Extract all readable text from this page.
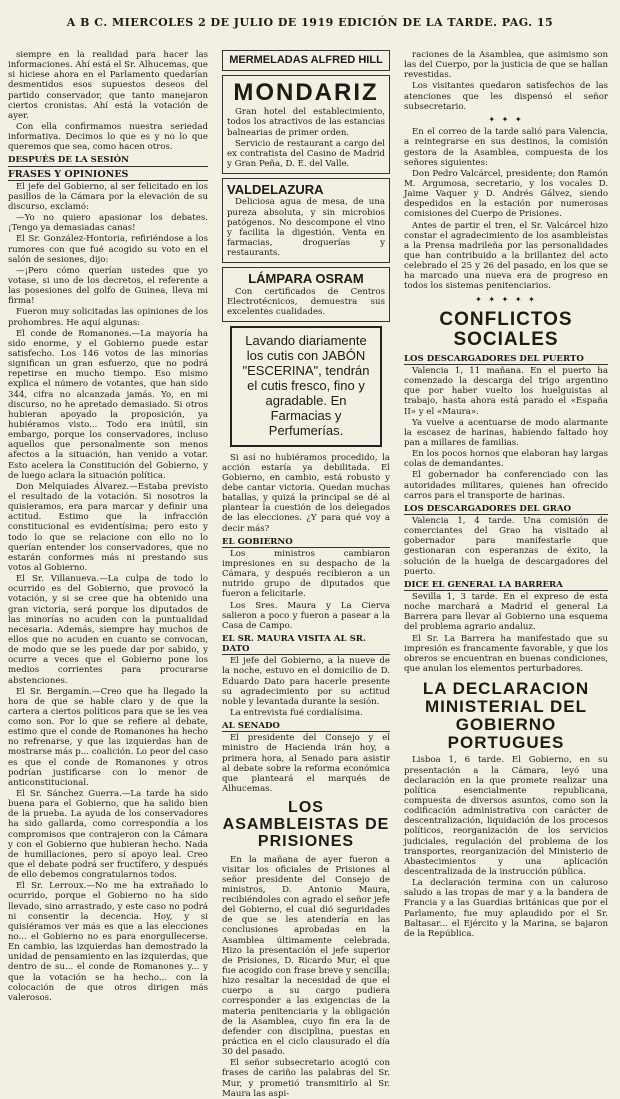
A B C. MIERCOLES 2 DE JULIO DE 1919 EDICIÓN DE LA TARDE. PAG. 15

siempre en la realidad para hacer las informaciones. Ahí está el Sr. Alhucemas, que si hiciese ahora en el Parlamento quedarían desmentidos esos supuestos deseos del partido conservador, que tanto manejaron ciertos cronistas. Ahí está la votación de ayer.

Con ella confirmamos nuestra seriedad informativa. Decimos lo que es y no lo que queremos que sea, como hacen otros.

DESPUÉS DE LA SESIÓN
FRASES Y OPINIONES

El jefe del Gobierno, al ser felicitado en los pasillos de la Cámara por la elevación de su discurso, exclamó:

—Yo no quiero apasionar los debates. ¡Tengo ya demasiadas canas!

El Sr. González-Hontoria, refiriéndose a los rumores con que fué acogido su voto en el salón de sesiones, dijo:

—¡Pero cómo querían ustedes que yo votase, si uno de los decretos, el referente a las posesiones del golfo de Guinea, lleva mi firma!

Fueron muy solicitadas las opiniones de los prohombres. He aquí algunas:

El conde de Romanones.—La mayoría ha sido enorme, y el Gobierno puede estar satisfecho. Los 146 votos de las minorías significan un gran esfuerzo, que no podrá repetirse en mucho tiempo. Eso mismo explica el número de votantes, que han sido 344, cifra no alcanzada jamás. Yo, en mi discurso, no he apretado demasiado. Si otros hubieran apoyado la proposición, ya hubiéramos visto... Todo era inútil, sin embargo, porque los conservadores, incluso aquellos que personalmente son menos afectos a la situación, han venido a votar. Esto acelera la Constitución del Gobierno, y de luego aclara la situación política.

Don Melquiades Álvarez.—Estaba previsto el resultado de la votación. Si nosotros la quisieramos, era para marcar y definir una actitud. Estimo que la infracción constitucional es evidentísima; pero esto y todo lo que se relacione con ello no lo querían entender los conservadores, que no estarán conformes más ni prestando sus votos al Gobierno.

El Sr. Villanueva.—La culpa de todo lo ocurrido es del Gobierno, que provocó la votación, y si se cree que ha obtenido una gran victoria, será porque los diputados de las minorías no acuden con la puntualidad necesaria. Además, siempre hay muchos de ellos que no acuden en cuanto se convocan, de modo que se les puede dar por sabido, y ocurre a veces que el Gobierno pone los medios corrientes para procurarse abstenciones.

El Sr. Bergamín.—Creo que ha llegado la hora de que se hable claro y de que la cartera a ciertos políticos para que se les vea como son. Por lo que se refiere al debate, estimo que el conde de Romanones ha hecho no refrenarse, y que las izquierdas han de mostrarse más p... coalición. Lo peor del caso es que el conde de Romanones y otros podrían justificarse con lo menor de anticonstitucional.

El Sr. Sánchez Guerra.—La tarde ha sido buena para el Gobierno, que ha salido bien de la prueba. La ayuda de los conservadores ha sido gallarda, como correspondía a los compromisos que contrajeron con la Cámara y con el Gobierno que hubieran hecho. Nada de humillaciones, pero sí apoyo leal. Creo que el debate podrá ser fructífero, y después de ello debemos congratularnos todos.

El Sr. Lerroux.—No me ha extrañado lo ocurrido, porque el Gobierno no ha sido llevado, sino arrastrado, y este caso no podrá ni consentir la decencia. Hoy, y si quisiéramos ver más es que a las elecciones no... el Gobierno no es para enorgullecerse. En cambio, las izquierdas han demostrado la unidad de pensamiento en las izquierdas, que dentro de su... el conde de Romanones y... y que la votación se ha hecho... con la colocación de que otros dirigen más valerosos.

MERMELADAS ALFRED HILL
MONDARIZ

Gran hotel del establecimiento, todos los atractivos de las estancias balnearias de primer orden.

Servicio de restaurant a cargo del ex contratista del Casino de Madrid y Gran Peña, D. E. del Valle.

VALDELAZURA

Deliciosa agua de mesa, de una pureza absoluta, y sin microbios patógenos. No descompone el vino y facilita la digestión. Venta en farmacias, droguerías y restaurants.

LÁMPARA OSRAM

Con certificados de Centros Electrotécnicos, demuestra sus excelentes cualidades.

Lavando diariamente los cutis con JABÓN "ESCERINA", tendrán el cutis fresco, fino y agradable. En Farmacias y Perfumerías.

Si así no hubiéramos procedido, la acción estaría ya debilitada. El Gobierno, en cambio, está robusto y debe cantar victoria. Quedan muchas batallas, y quizá la principal se dé al plantear la cuestión de los delegados de las elecciones. ¿Y para qué voy a decir más?

EL GOBIERNO

Los ministros cambiaron impresiones en su despacho de la Cámara, y después recibieron a un nutrido grupo de diputados que fueron a felicitarle.

Los Sres. Maura y La Cierva salieron a poco y fueron a pasear a la Casa de Campo.

EL SR. MAURA VISITA AL SR. DATO

El jefe del Gobierno, a la nueve de la noche, estuvo en el domicilio de D. Eduardo Dato para hacerle presente su agradecimiento por su actitud noble y levantada durante la sesión.

La entrevista fué cordialísima.

AL SENADO

El presidente del Consejo y el ministro de Hacienda irán hoy, a primera hora, al Senado para asistir al debate sobre la reforma económica que planteará el marqués de Alhucemas.

LOS ASAMBLEISTAS DE PRISIONES

En la mañana de ayer fueron a visitar los oficiales de Prisiones al señor presidente del Consejo de ministros, D. Antonio Maura, recibiéndoles con agrado el señor jefe del Gobierno, el cual dió seguridades de que se les atendería en las conclusiones aprobadas en la Asamblea últimamente celebrada. Hizo la presentación el jefe superior de Prisiones, D. Ricardo Mur, el que fue acogido con frase breve y sencilla; hizo resaltar la necesidad de que el cuerpo a su cargo pudiera corresponder a las exigencias de la materia penitenciaria y la obligación de la Asamblea, cuyo fin era la de defender con disciplina, puestas en práctica en el ciclo clausurado el día 30 del pasado.

El señor subsecretario acogió con frases de cariño las palabras del Sr. Mur, y prometió transmitirlo al Sr. Maura las aspi-

raciones de la Asamblea, que asimismo son las del Cuerpo, por la justicia de que se hallan revestidas.

Los visitantes quedaron satisfechos de las atenciones que les dispensó el señor subsecretario.

✦ ✦ ✦

En el correo de la tarde salió para Valencia, a reintegrarse en sus destinos, la comisión gestora de la Asamblea, compuesta de los señores siguientes:

Don Pedro Valcárcel, presidente; don Ramón M. Argumosa, secretario, y los vocales D. Jaime Vaquer y D. Andrés Gálvez, siendo despedidos en la estación por numerosas comisiones del Cuerpo de Prisiones.

Antes de partir el tren, el Sr. Valcárcel hizo constar el agradecimiento de los asambleístas a la Prensa madrileña por las personalidades que han contribuido a la brillantez del acto celebrado el 25 y 26 del pasado, en los que se ha marcado una nueva era de progreso en todos los sistemas penitenciarios.

✦ ✦ ✦ ✦ ✦
CONFLICTOS SOCIALES
LOS DESCARGADORES DEL PUERTO

Valencia 1, 11 mañana. En el puerto ha comenzado la descarga del trigo argentino que por haber vuelto los huelguistas al trabajo, hasta ahora está parado el «España II» y el «Maura».

Ya vuelve a acentuarse de modo alarmante la escasez de harinas, habiendo faltado hoy pan a millares de familias.

En los pocos hornos que elaboran hay largas colas de demandantes.

El gobernador ha conferenciado con las autoridades militares, quienes han ofrecido carros para el transporte de harinas.

LOS DESCARGADORES DEL GRAO

Valencia 1, 4 tarde. Una comisión de comerciantes del Grao ha visitado al gobernador para manifestarle que gestionaran con esperanzas de éxito, la solución de la huelga de descargadores del puerto.

DICE EL GENERAL LA BARRERA

Sevilla 1, 3 tarde. En el expreso de esta noche marchará a Madrid el general La Barrera para llevar al Gobierno una esquema del problema agrario andaluz.

El Sr. La Barrera ha manifestado que su impresión es francamente favorable, y que los obreros se encuentran en buenas condiciones, que anulan los elementos perturbadores.

LA DECLARACION MINISTERIAL DEL GOBIERNO PORTUGUES

Lisboa 1, 6 tarde. El Gobierno, en su presentación a la Cámara, leyó una declaración en la que promete realizar una política esencialmente republicana, compuesta de diversos asuntos, como son la codificación administrativa con carácter de descentralización, liquidación de los procesos políticos, reorganización de los servicios judiciales, regulación del problema de los transportes, reorganización del Ministerio de Abastecimientos y una aplicación descentralizada de la instrucción pública.

La declaración termina con un caluroso saludo a las tropas de mar y a la bandera de Francia y a las Guardias británicas que por el Parlamento, fue muy aplaudido por el Sr. Baltasar... el Ejército y la Marina, se bajaron de la República.
